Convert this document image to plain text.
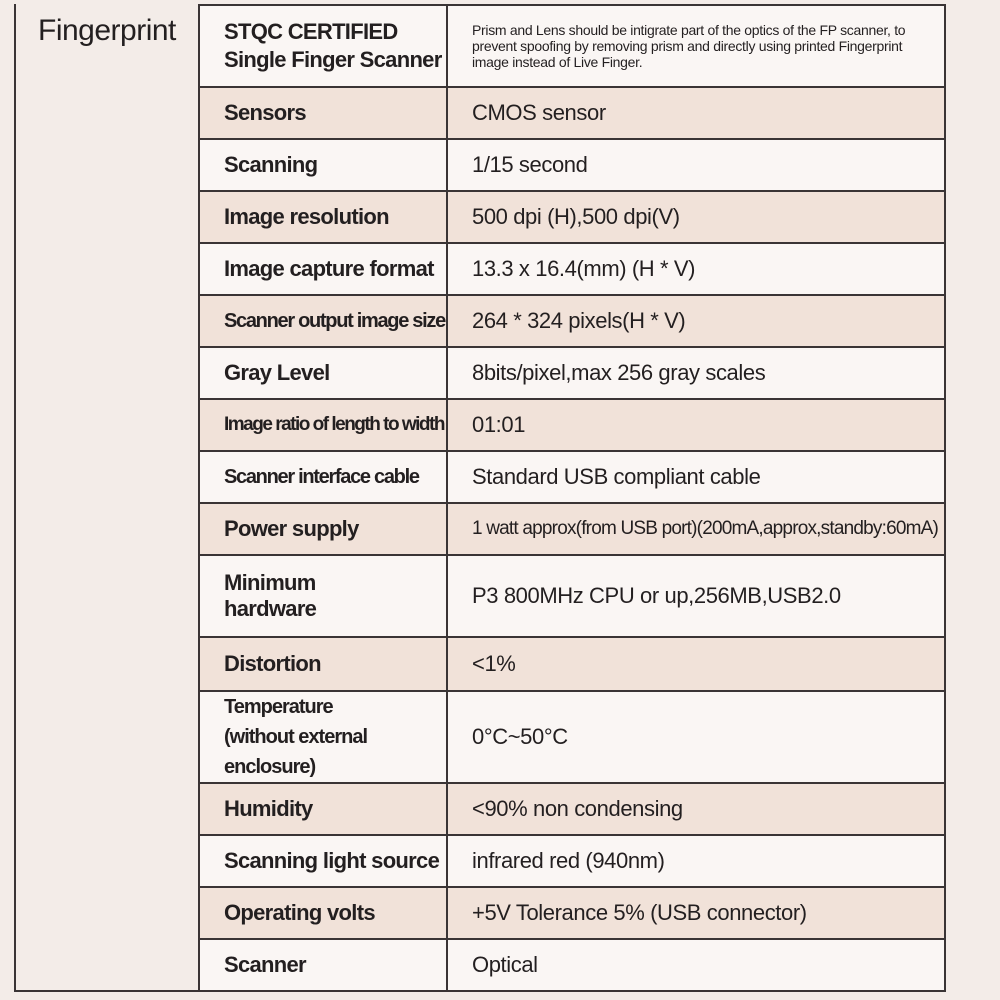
Fingerprint STQC CERTIFIED
Single Finger Scanner	Prism and Lens should be intigrate part of the optics of the FP scanner, to prevent spoofing by removing prism and directly using printed Fingerprint image instead of Live Finger.
Sensors	CMOS sensor
Scanning	1/15 second
Image resolution	500 dpi (H),500 dpi(V)
Image capture format	13.3 x 16.4(mm) (H * V)
Scanner output image size	264 * 324 pixels(H * V)
Gray Level	8bits/pixel,max 256 gray scales
Image ratio of length to width	01:01
Scanner interface cable	Standard USB compliant cable
Power supply	1 watt approx(from USB port)(200mA,approx,standby:60mA)

Minimum
hardware	P3 800MHz CPU or up,256MB,USB2.0
Distortion	<1%

Temperature
(without external enclosure)	0°C~50°C
Humidity	<90% non condensing
Scanning light source	infrared red (940nm)
Operating volts	+5V Tolerance 5% (USB connector)
Scanner	Optical
